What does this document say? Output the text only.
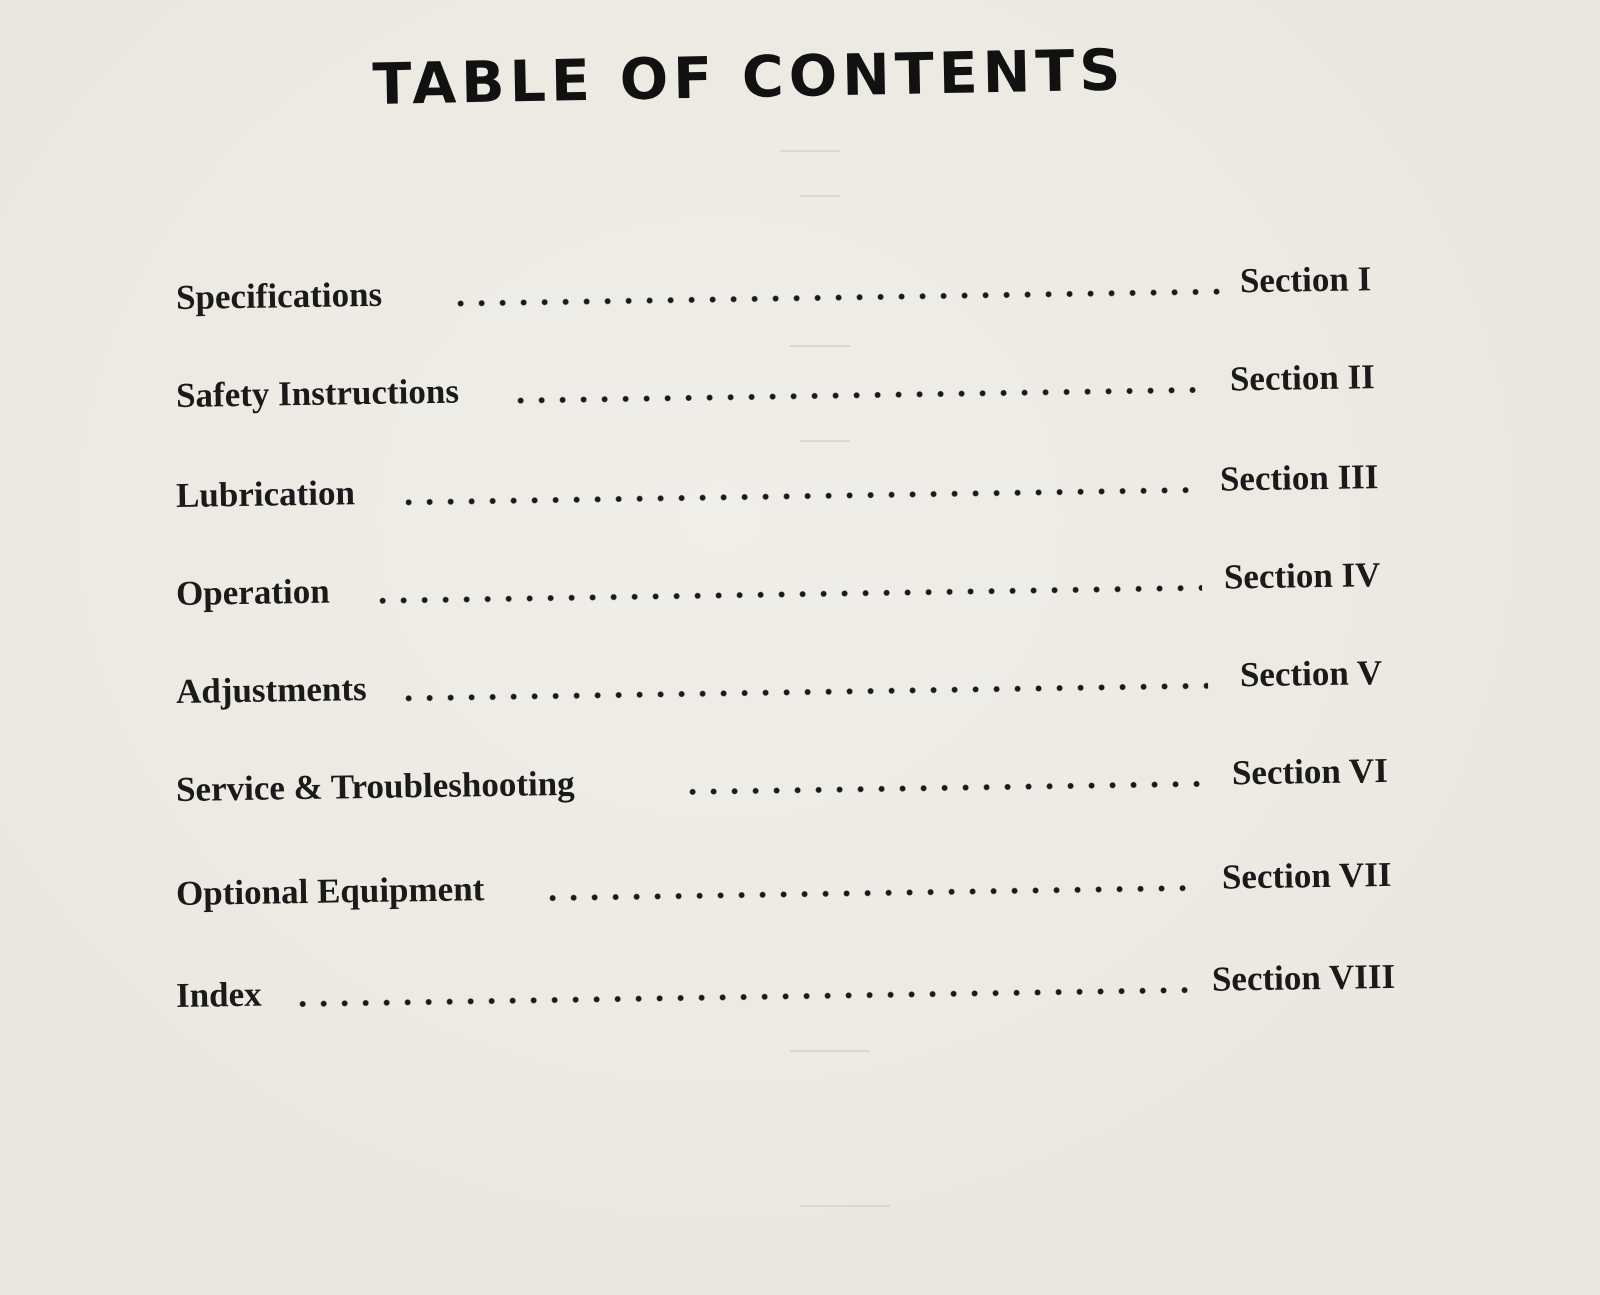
TABLE OF CONTENTS
Specifications	Section I
Safety Instructions	Section II
Lubrication	Section III
Operation	Section IV
Adjustments	Section V
Service & Troubleshooting	Section VI
Optional Equipment	Section VII
Index	Section VIII
